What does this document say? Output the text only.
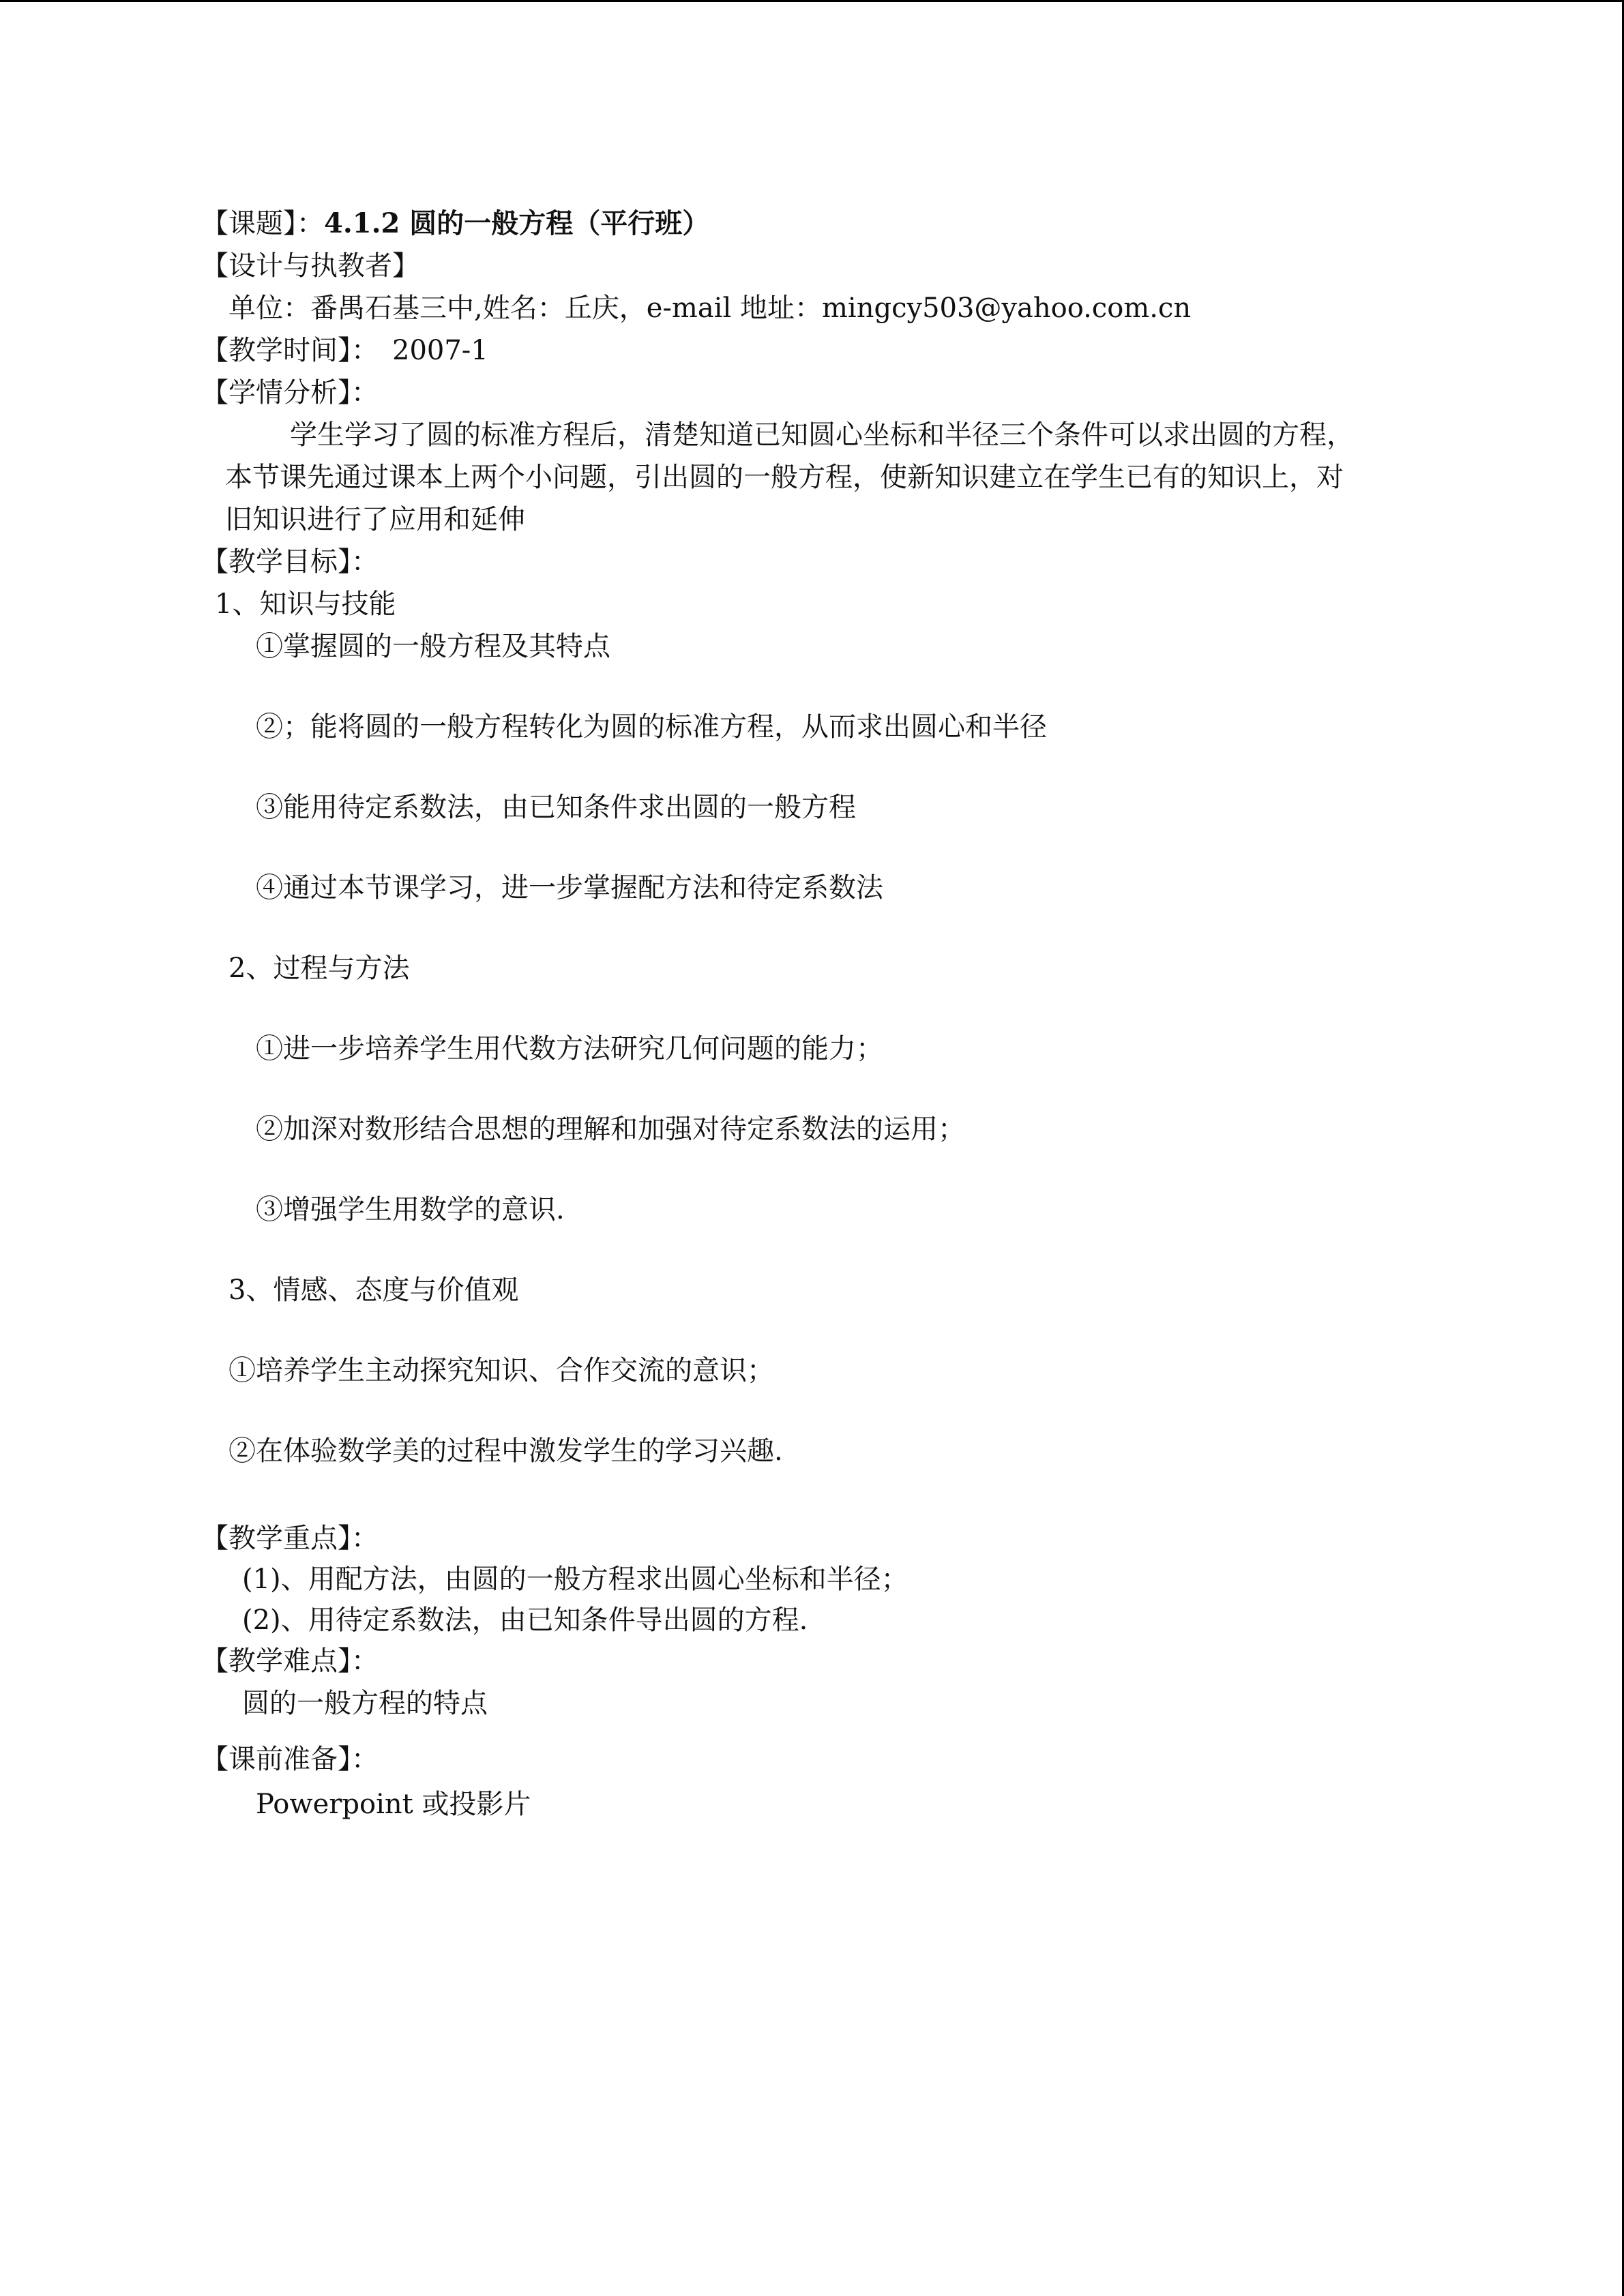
【课题】：4.1.2 圆的一般方程（平行班）
【设计与执教者】
单位：番禺石基三中,姓名：丘庆，e-mail 地址：mingcy503@yahoo.com.cn
【教学时间】： 2007-1
【学情分析】：
学生学习了圆的标准方程后，清楚知道已知圆心坐标和半径三个条件可以求出圆的方程，
本节课先通过课本上两个小问题，引出圆的一般方程，使新知识建立在学生已有的知识上，对
旧知识进行了应用和延伸
【教学目标】：
1、知识与技能
①掌握圆的一般方程及其特点
②；能将圆的一般方程转化为圆的标准方程，从而求出圆心和半径
③能用待定系数法，由已知条件求出圆的一般方程
④通过本节课学习，进一步掌握配方法和待定系数法
2、过程与方法
①进一步培养学生用代数方法研究几何问题的能力；
②加深对数形结合思想的理解和加强对待定系数法的运用；
③增强学生用数学的意识.
3、情感、态度与价值观
①培养学生主动探究知识、合作交流的意识；
②在体验数学美的过程中激发学生的学习兴趣.
【教学重点】：
(1)、用配方法，由圆的一般方程求出圆心坐标和半径；
(2)、用待定系数法，由已知条件导出圆的方程.
【教学难点】：
圆的一般方程的特点
【课前准备】：
Powerpoint 或投影片
